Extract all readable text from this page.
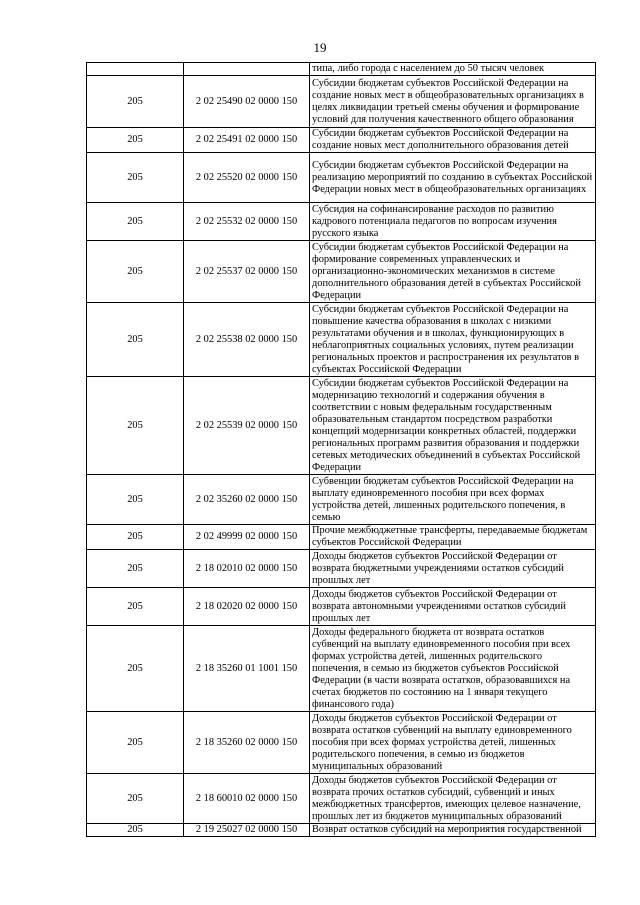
19
		типа, либо города с населением до 50 тысяч человек
205	2 02 25490 02 0000 150	Субсидии бюджетам субъектов Российской Федерации на создание новых мест в общеобразовательных организациях в целях ликвидации третьей смены обучения и формирование условий для получения качественного общего образования
205	2 02 25491 02 0000 150	Субсидии бюджетам субъектов Российской Федерации на создание новых мест дополнительного образования детей
205	2 02 25520 02 0000 150	Субсидии бюджетам субъектов Российской Федерации на реализацию мероприятий по созданию в субъектах Российской Федерации новых мест в общеобразовательных организациях
205	2 02 25532 02 0000 150	Субсидия на софинансирование расходов по развитию кадрового потенциала педагогов по вопросам изучения русского языка
205	2 02 25537 02 0000 150	Субсидии бюджетам субъектов Российской Федерации на формирование современных управленческих и организационно-экономических механизмов в системе дополнительного образования детей в субъектах Российской Федерации
205	2 02 25538 02 0000 150	Субсидии бюджетам субъектов Российской Федерации на повышение качества образования в школах с низкими результатами обучения и в школах, функционирующих в неблагоприятных социальных условиях, путем реализации региональных проектов и распространения их результатов в субъектах Российской Федерации
205	2 02 25539 02 0000 150	Субсидии бюджетам субъектов Российской Федерации на модернизацию технологий и содержания обучения в соответствии с новым федеральным государственным образовательным стандартом посредством разработки концепций модернизации конкретных областей, поддержки региональных программ развития образования и поддержки сетевых методических объединений в субъектах Российской Федерации
205	2 02 35260 02 0000 150	Субвенции бюджетам субъектов Российской Федерации на выплату единовременного пособия при всех формах устройства детей, лишенных родительского попечения, в семью
205	2 02 49999 02 0000 150	Прочие межбюджетные трансферты, передаваемые бюджетам субъектов Российской Федерации
205	2 18 02010 02 0000 150	Доходы бюджетов субъектов Российской Федерации от возврата бюджетными учреждениями остатков субсидий прошлых лет
205	2 18 02020 02 0000 150	Доходы бюджетов субъектов Российской Федерации от возврата автономными учреждениями остатков субсидий прошлых лет
205	2 18 35260 01 1001 150	Доходы федерального бюджета от возврата остатков субвенций на выплату единовременного пособия при всех формах устройства детей, лишенных родительского попечения, в семью из бюджетов субъектов Российской Федерации (в части возврата остатков, образовавшихся на счетах бюджетов по состоянию на 1 января текущего финансового года)
205	2 18 35260 02 0000 150	Доходы бюджетов субъектов Российской Федерации от возврата остатков субвенций на выплату единовременного пособия при всех формах устройства детей, лишенных родительского попечения, в семью из бюджетов муниципальных образований
205	2 18 60010 02 0000 150	Доходы бюджетов субъектов Российской Федерации от возврата прочих остатков субсидий, субвенций и иных межбюджетных трансфертов, имеющих целевое назначение, прошлых лет из бюджетов муниципальных образований
205	2 19 25027 02 0000 150	Возврат остатков субсидий на мероприятия государственной
